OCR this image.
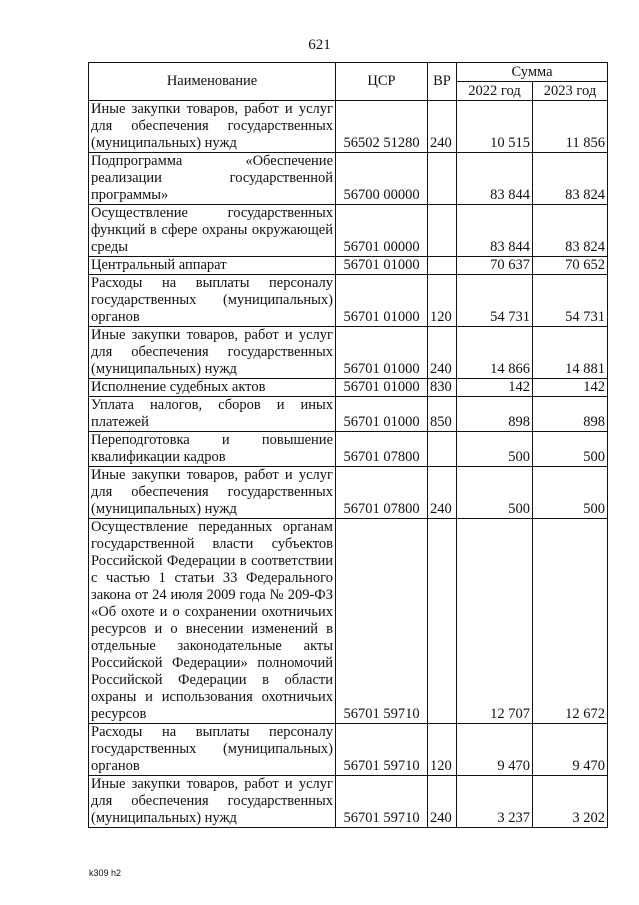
621
Наименование	ЦСР	ВР	Сумма	
			2022 год	2023 год
Иные закупки товаров, работ и услуг для обеспечения государственных (муниципальных) нужд	56502 51280	240	10 515	11 856
Подпрограмма «Обеспечение реализации государственной программы»	56700 00000		83 844	83 824
Осуществление государственных функций в сфере охраны окружающей среды	56701 00000		83 844	83 824
Центральный аппарат	56701 01000		70 637	70 652
Расходы на выплаты персоналу государственных (муниципальных) органов	56701 01000	120	54 731	54 731
Иные закупки товаров, работ и услуг для обеспечения государственных (муниципальных) нужд	56701 01000	240	14 866	14 881
Исполнение судебных актов	56701 01000	830	142	142
Уплата налогов, сборов и иных платежей	56701 01000	850	898	898
Переподготовка и повышение квалификации кадров	56701 07800		500	500
Иные закупки товаров, работ и услуг для обеспечения государственных (муниципальных) нужд	56701 07800	240	500	500
Осуществление переданных органам государственной власти субъектов Российской Федерации в соответствии с частью 1 статьи 33 Федерального закона от 24 июля 2009 года № 209-ФЗ «Об охоте и о сохранении охотничьих ресурсов и о внесении изменений в отдельные законодательные акты Российской Федерации» полномочий Российской Федерации в области охраны и использования охотничьих ресурсов	56701 59710		12 707	12 672
Расходы на выплаты персоналу государственных (муниципальных) органов	56701 59710	120	9 470	9 470
Иные закупки товаров, работ и услуг для обеспечения государственных (муниципальных) нужд	56701 59710	240	3 237	3 202
k309 h2
